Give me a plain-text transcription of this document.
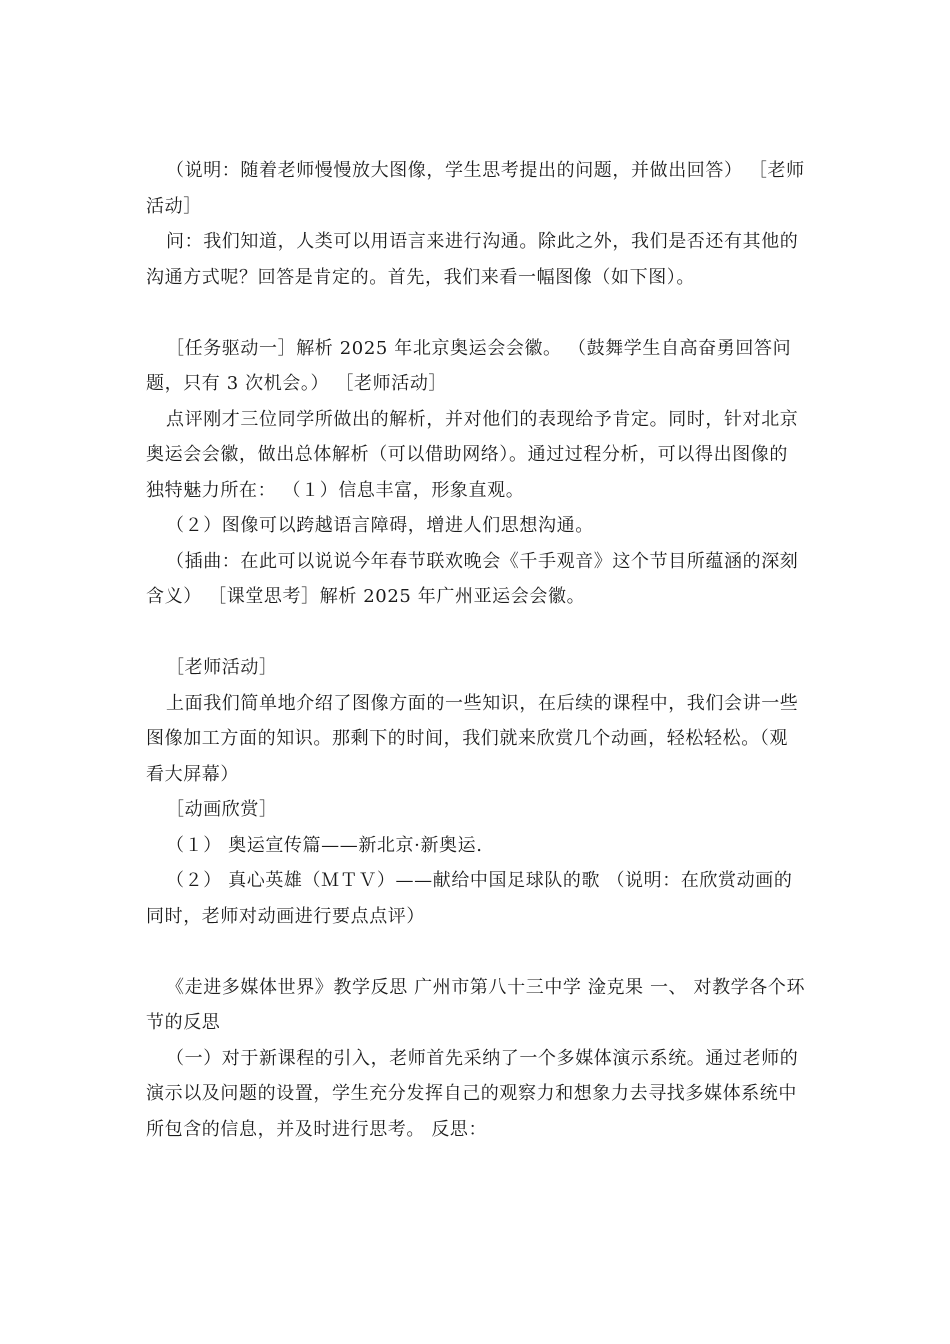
（说明：随着老师慢慢放大图像，学生思考提出的问题，并做出回答） ［老师活动］

问：我们知道，人类可以用语言来进行沟通。除此之外，我们是否还有其他的沟通方式呢？回答是肯定的。首先，我们来看一幅图像（如下图）。

［任务驱动一］解析 2025 年北京奥运会会徽。 （鼓舞学生自高奋勇回答问题，只有 3 次机会。） ［老师活动］

点评刚才三位同学所做出的解析，并对他们的表现给予肯定。同时，针对北京奥运会会徽，做出总体解析（可以借助网络）。通过过程分析，可以得出图像的独特魅力所在： （１）信息丰富，形象直观。

（２）图像可以跨越语言障碍，增进人们思想沟通。

（插曲：在此可以说说今年春节联欢晚会《千手观音》这个节目所蕴涵的深刻含义） ［课堂思考］解析 2025 年广州亚运会会徽。

［老师活动］

上面我们简单地介绍了图像方面的一些知识，在后续的课程中，我们会讲一些图像加工方面的知识。那剩下的时间，我们就来欣赏几个动画，轻松轻松。（观看大屏幕）

［动画欣赏］

（１） 奥运宣传篇——新北京·新奥运.

（２） 真心英雄（ＭＴＶ）——献给中国足球队的歌 （说明：在欣赏动画的同时，老师对动画进行要点点评）

《走进多媒体世界》教学反思 广州市第八十三中学 淦克果 一、 对教学各个环节的反思

（一）对于新课程的引入，老师首先采纳了一个多媒体演示系统。通过老师的演示以及问题的设置，学生充分发挥自己的观察力和想象力去寻找多媒体系统中所包含的信息，并及时进行思考。 反思：
